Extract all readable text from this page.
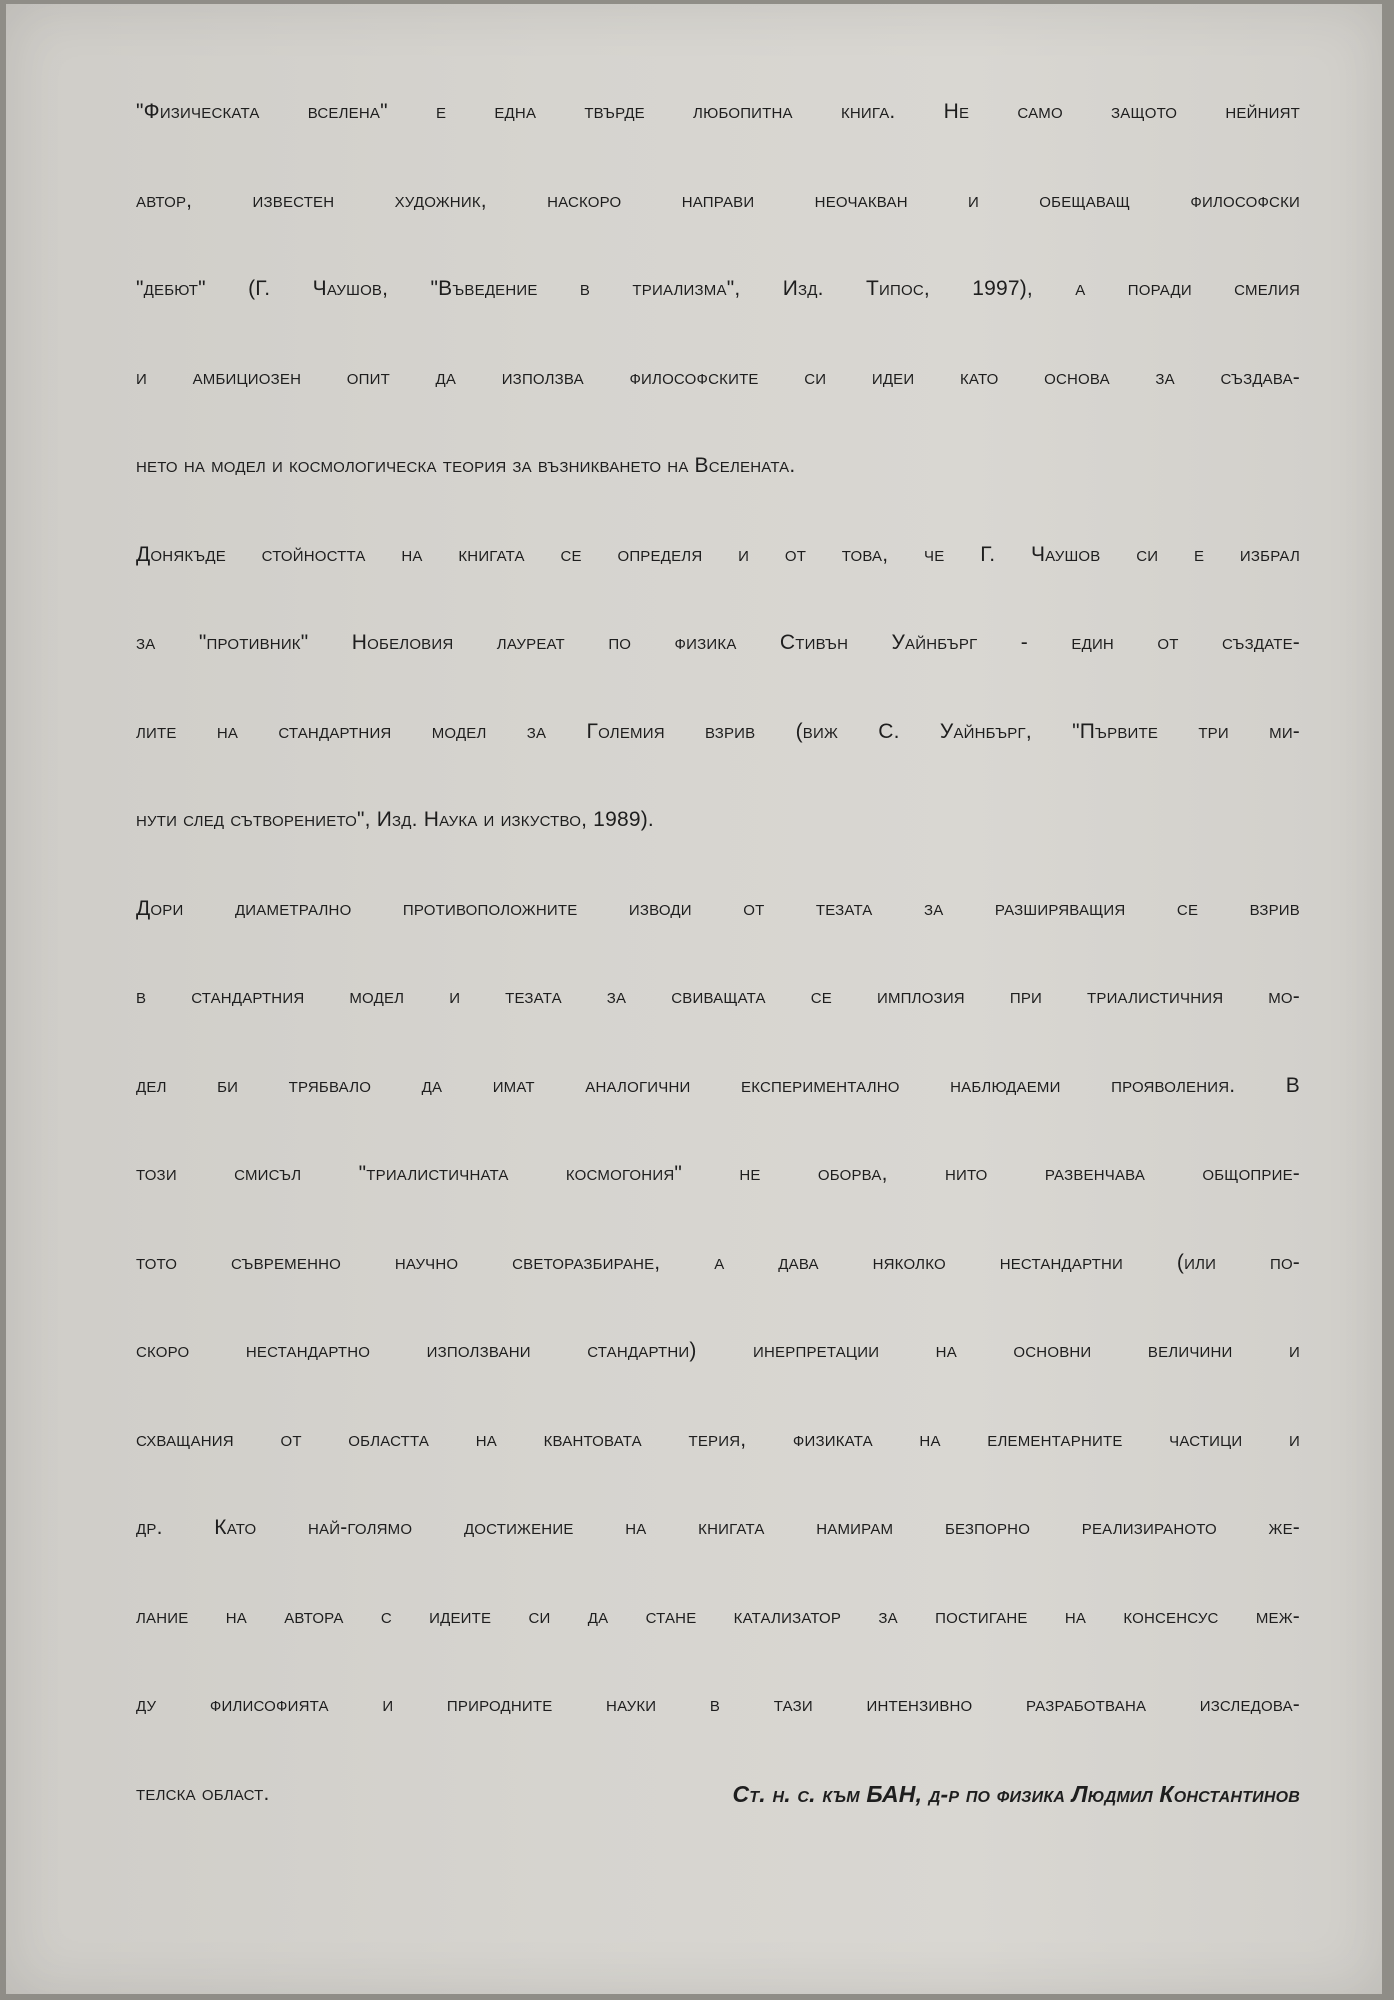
"Физическата вселена" е една твърде любопитна книга. Не само защото нейният
автор, известен художник, наскоро направи неочакван и обещаващ философски
"дебют" (Г. Чаушов, "Въведение в триализма", Изд. Типос, 1997), а поради смелия
и амбициозен опит да използва философските си идеи като основа за създава-
нето на модел и космологическа теория за възникването на Вселената.
Донякъде стойността на книгата се определя и от това, че Г. Чаушов си е избрал
за "противник" Нобеловия лауреат по физика Стивън Уайнбърг - един от създате-
лите на стандартния модел за Големия взрив (виж С. Уайнбърг, "Първите три ми-
нути след сътворението", Изд. Наука и изкуство, 1989).
Дори диаметрално противоположните изводи от тезата за разширяващия се взрив
в стандартния модел и тезата за свиващата се имплозия при триалистичния мо-
дел би трябвало да имат аналогични експериментално наблюдаеми прояволения. В
този смисъл "триалистичната космогония" не оборва, нито развенчава общоприе-
тото съвременно научно светоразбиране, а дава няколко нестандартни (или по-
скоро нестандартно използвани стандартни) инерпретации на основни величини и
схващания от областта на квантовата терия, физиката на елементарните частици и
др. Като най-голямо достижение на книгата намирам безпорно реализираното же-
лание на автора с идеите си да стане катализатор за постигане на консенсус меж-
ду филисофията и природните науки в тази интензивно разработвана изследова-
телска област.	Ст. н. с. към БАН, д-р по физика Людмил Константинов
